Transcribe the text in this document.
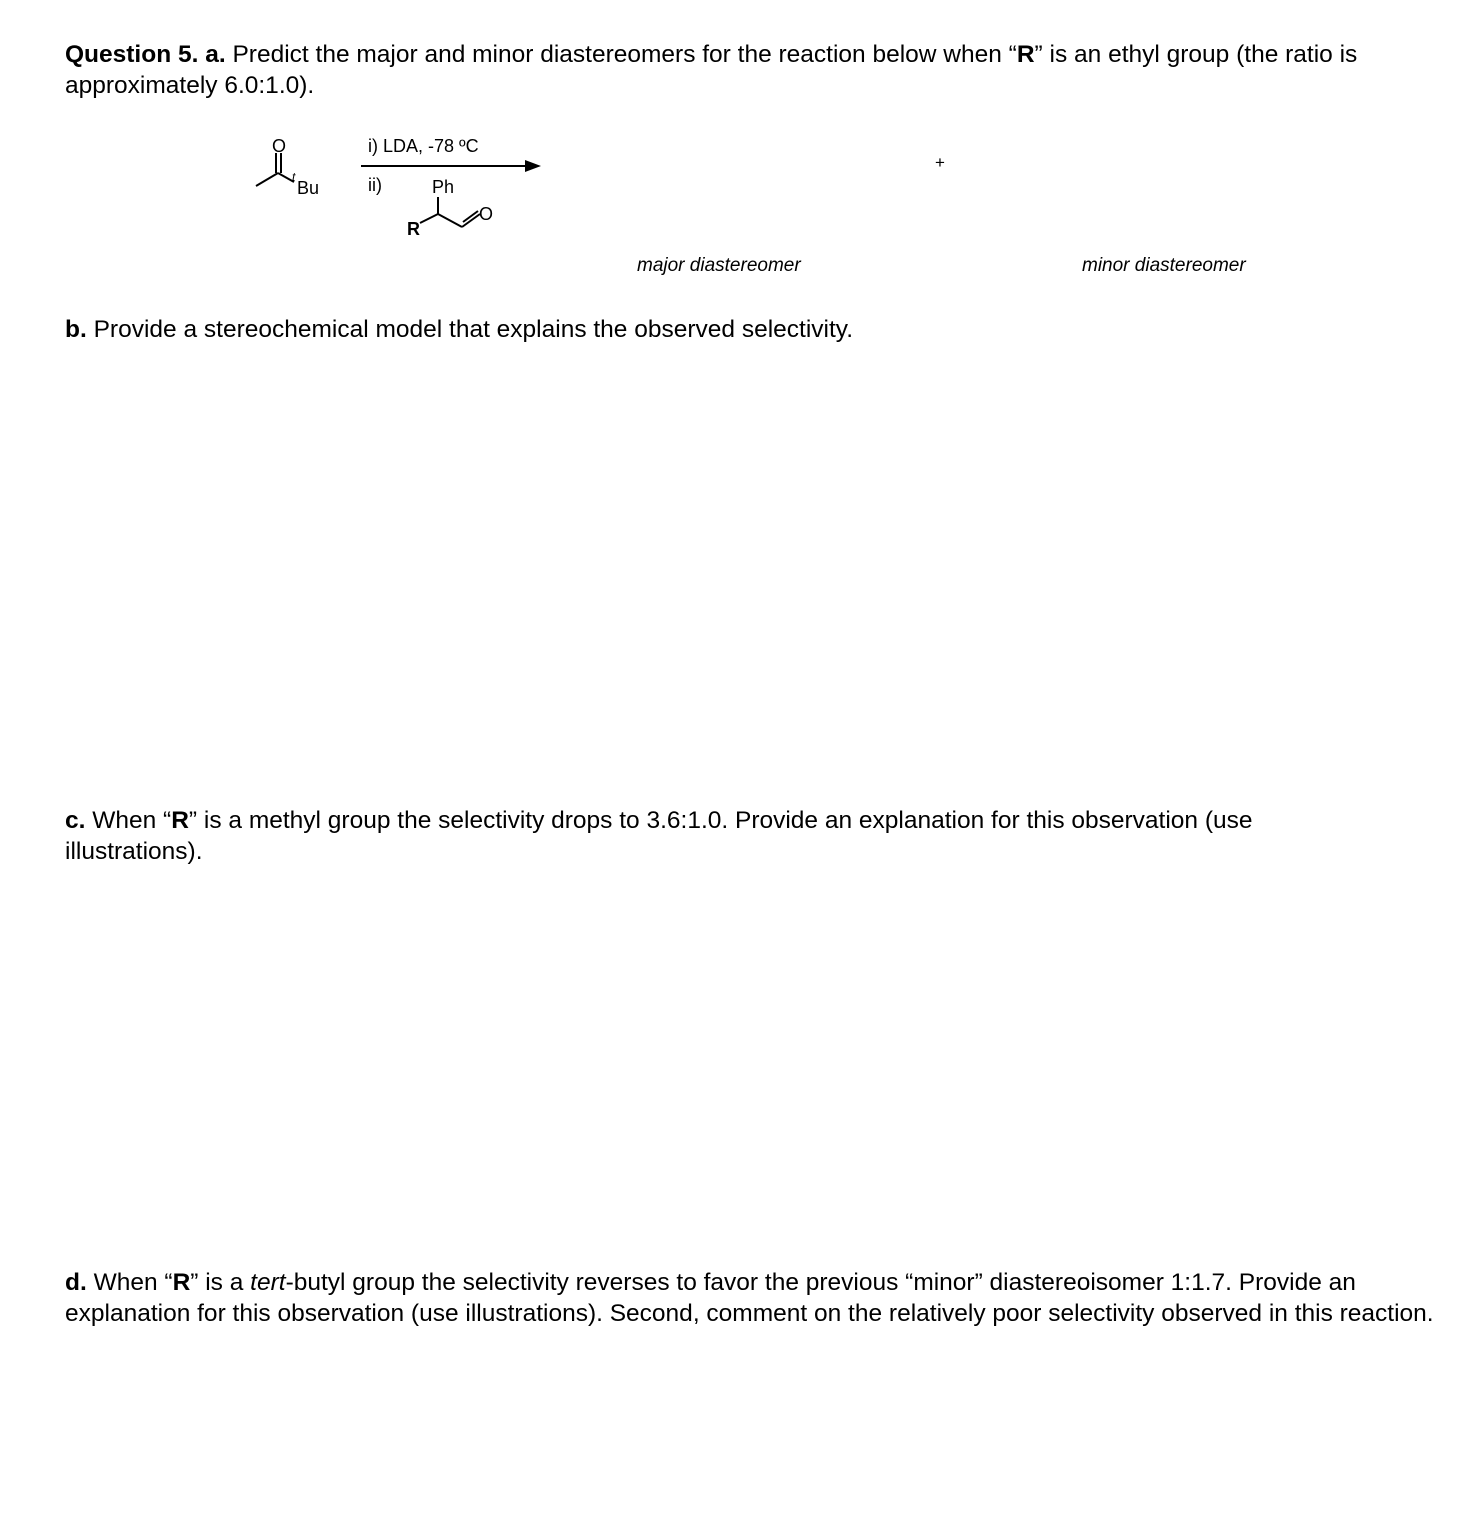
Question 5. a. Predict the major and minor diastereomers for the reaction below when “R” is an ethyl group (the ratio is approximately 6.0:1.0).

O
t
Bu
i) LDA, -78 ºC
ii)	Ph
O
R
+
major diastereomer	minor diastereomer

b. Provide a stereochemical model that explains the observed selectivity.

c. When “R” is a methyl group the selectivity drops to 3.6:1.0. Provide an explanation for this observation (use illustrations).

d. When “R” is a tert-butyl group the selectivity reverses to favor the previous “minor” diastereoisomer 1:1.7. Provide an explanation for this observation (use illustrations). Second, comment on the relatively poor selectivity observed in this reaction.
